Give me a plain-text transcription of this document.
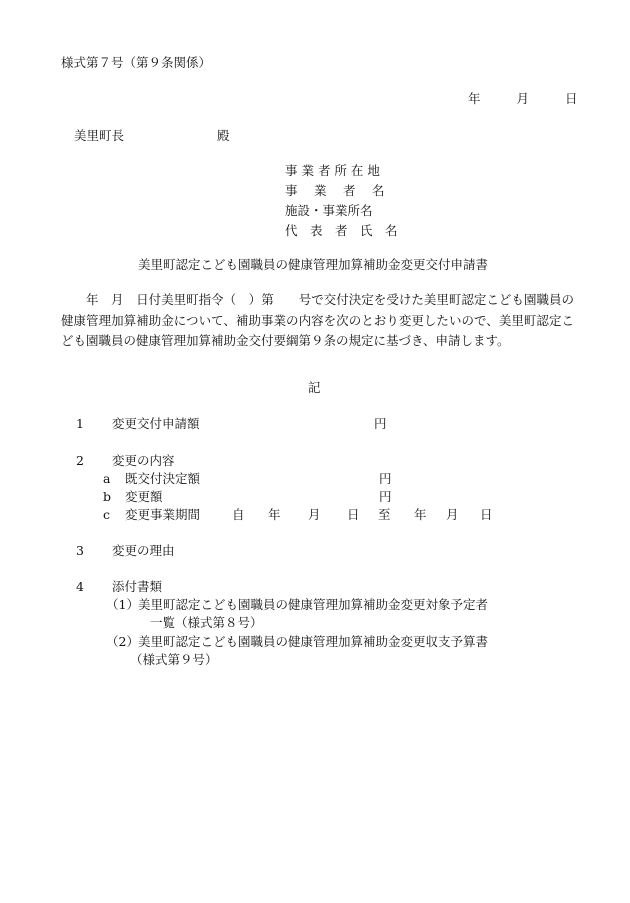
様式第７号（第９条関係）
年	月	日
美里町長	殿
事 業 者 所 在 地
事　 業　 者　 名
施設・事業所名
代　表　者　氏　名
美里町認定こども園職員の健康管理加算補助金変更交付申請書
　　年　月　日付美里町指令（　）第　　号で交付決定を受けた美里町認定こども園職員の健康管理加算補助金について、補助事業の内容を次のとおり変更したいので、美里町認定こども園職員の健康管理加算補助金交付要綱第９条の規定に基づき、申請します。
記
1 変更交付申請額	円
2 変更の内容
a 既交付決定額	円
b 変更額	円
c 変更事業期間	自 年 月 日 至 年 月 日
3 変更の理由
4 添付書類
（1） 美里町認定こども園職員の健康管理加算補助金変更対象予定者
一覧（様式第８号）
（2） 美里町認定こども園職員の健康管理加算補助金変更収支予算書
（様式第９号）
